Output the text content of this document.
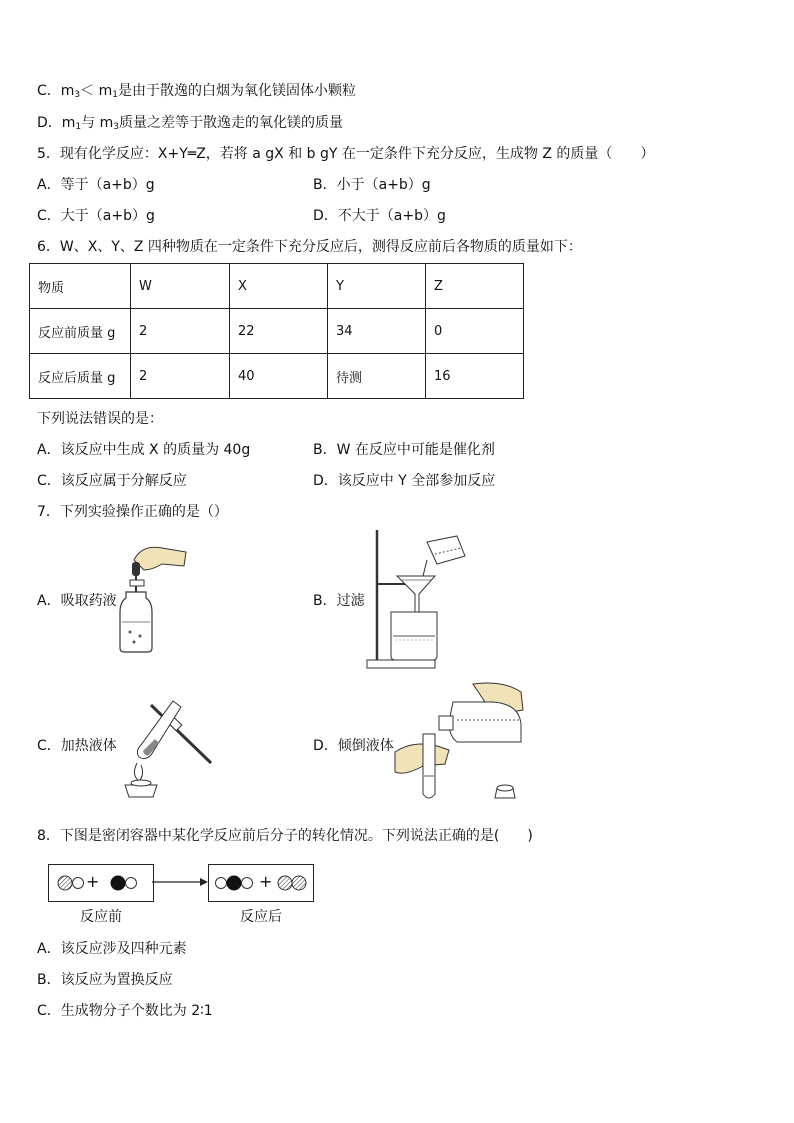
C．$m_3< m_1$是由于散逸的白烟为氧化镁固体小颗粒
D．$m_1$与 $m_3$质量之差等于散逸走的氧化镁的质量
5．现有化学反应：X+Y═Z，若将 a gX 和 b gY 在一定条件下充分反应，生成物 Z 的质量（　　）
A．等于（a+b）g	B．小于（a+b）g
C．大于（a+b）g	D．不大于（a+b）g
6．W、X、Y、Z 四种物质在一定条件下充分反应后，测得反应前后各物质的质量如下：
物质	W	X	Y	Z
反应前质量 g	2	22	34	0
反应后质量 g	2	40	待测	16
下列说法错误的是：
A．该反应中生成 X 的质量为 40g	B．W 在反应中可能是催化剂
C．该反应属于分解反应	D．该反应中 Y 全部参加反应
7．下列实验操作正确的是（）
A．吸取药液	B．过滤
C．加热液体	D．倾倒液体
8．下图是密闭容器中某化学反应前后分子的转化情况。下列说法正确的是(　　)
+	+
反应前	反应后
A．该反应涉及四种元素
B．该反应为置换反应
C．生成物分子个数比为 2∶1
